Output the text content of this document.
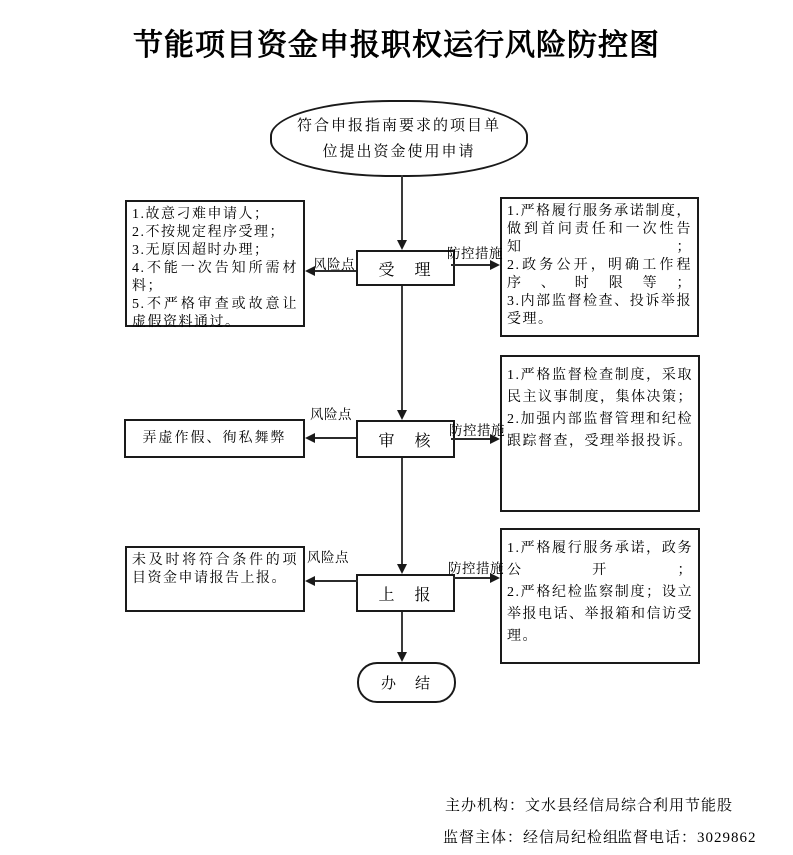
节能项目资金申报职权运行风险防控图
符合申报指南要求的项目单位提出资金使用申请
受　理
审　核
上　报

1.故意刁难申请人；

2.不按规定程序受理；

3.无原因超时办理；

4.不能一次告知所需材料；

5.不严格审查或故意让虚假资料通过。

1.严格履行服务承诺制度，做到首问责任和一次性告知；

2.政务公开，明确工作程序、时限等；

3.内部监督检查、投诉举报受理。

风险点
防控措施

弄虚作假、徇私舞弊

1.严格监督检查制度，采取民主议事制度，集体决策；

2.加强内部监督管理和纪检跟踪督查，受理举报投诉。

风险点
防控措施

未及时将符合条件的项目资金申请报告上报。

1.严格履行服务承诺，政务公开；

2.严格纪检监察制度；设立举报电话、举报箱和信访受理。

风险点
防控措施
办　结
主办机构：文水县经信局综合利用节能股
监督主体：经信局纪检组
监督电话：3029862
